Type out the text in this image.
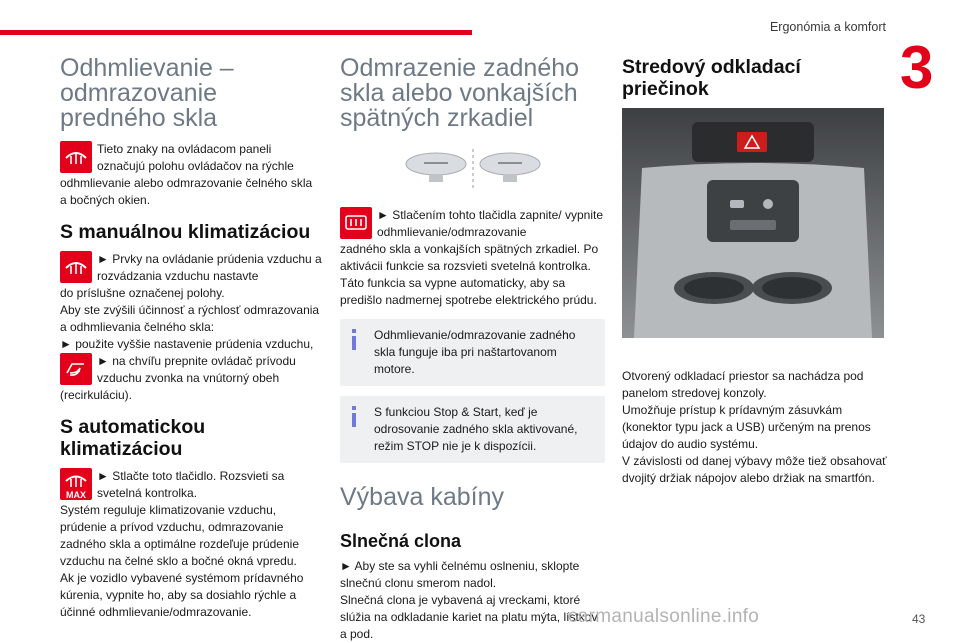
Ergonómia a komfort
3
Odhmlievanie – odmrazovanie predného skla

Tieto znaky na ovládacom paneli označujú polohu ovládačov na rýchle

odhmlievanie alebo odmrazovanie čelného skla a bočných okien.

S manuálnou klimatizáciou

► Prvky na ovládanie prúdenia vzduchu a rozvádzania vzduchu nastavte

do príslušne označenej polohy.

Aby ste zvýšili účinnosť a rýchlosť odmrazovania a odhmlievania čelného skla:

► použite vyššie nastavenie prúdenia vzduchu,

► na chvíľu prepnite ovládač prívodu vzduchu zvonka na vnútorný obeh

(recirkuláciu).

S automatickou klimatizáciou
MAX

► Stlačte toto tlačidlo. Rozsvieti sa svetelná kontrolka.

Systém reguluje klimatizovanie vzduchu, prúdenie a prívod vzduchu, odmrazovanie zadného skla a optimálne rozdeľuje prúdenie vzduchu na čelné sklo a bočné okná vpredu.

Ak je vozidlo vybavené systémom prídavného kúrenia, vypnite ho, aby sa dosiahlo rýchle a účinné odhmlievanie/odmrazovanie.

Odmrazenie zadného skla alebo vonkajších spätných zrkadiel

► Stlačením tohto tlačidla zapnite/ vypnite odhmlievanie/odmrazovanie

zadného skla a vonkajších spätných zrkadiel. Po aktivácii funkcie sa rozsvieti svetelná kontrolka. Táto funkcia sa vypne automaticky, aby sa predišlo nadmernej spotrebe elektrického prúdu.

Odhmlievanie/odmrazovanie zadného skla funguje iba pri naštartovanom motore.

S funkciou Stop & Start, keď je odrosovanie zadného skla aktivované, režim STOP nie je k dispozícii.

Výbava kabíny
Slnečná clona

► Aby ste sa vyhli čelnému oslneniu, sklopte slnečnú clonu smerom nadol.

Slnečná clona je vybavená aj vreckami, ktoré slúžia na odkladanie kariet na platu mýta, lístkov a pod.

Stredový odkladací priečinok

Otvorený odkladací priestor sa nachádza pod panelom stredovej konzoly.

Umožňuje prístup k prídavným zásuvkám (konektor typu jack a USB) určeným na prenos údajov do audio systému.

V závislosti od danej výbavy môže tiež obsahovať dvojitý držiak nápojov alebo držiak na smartfón.

carmanualsonline.info	43
